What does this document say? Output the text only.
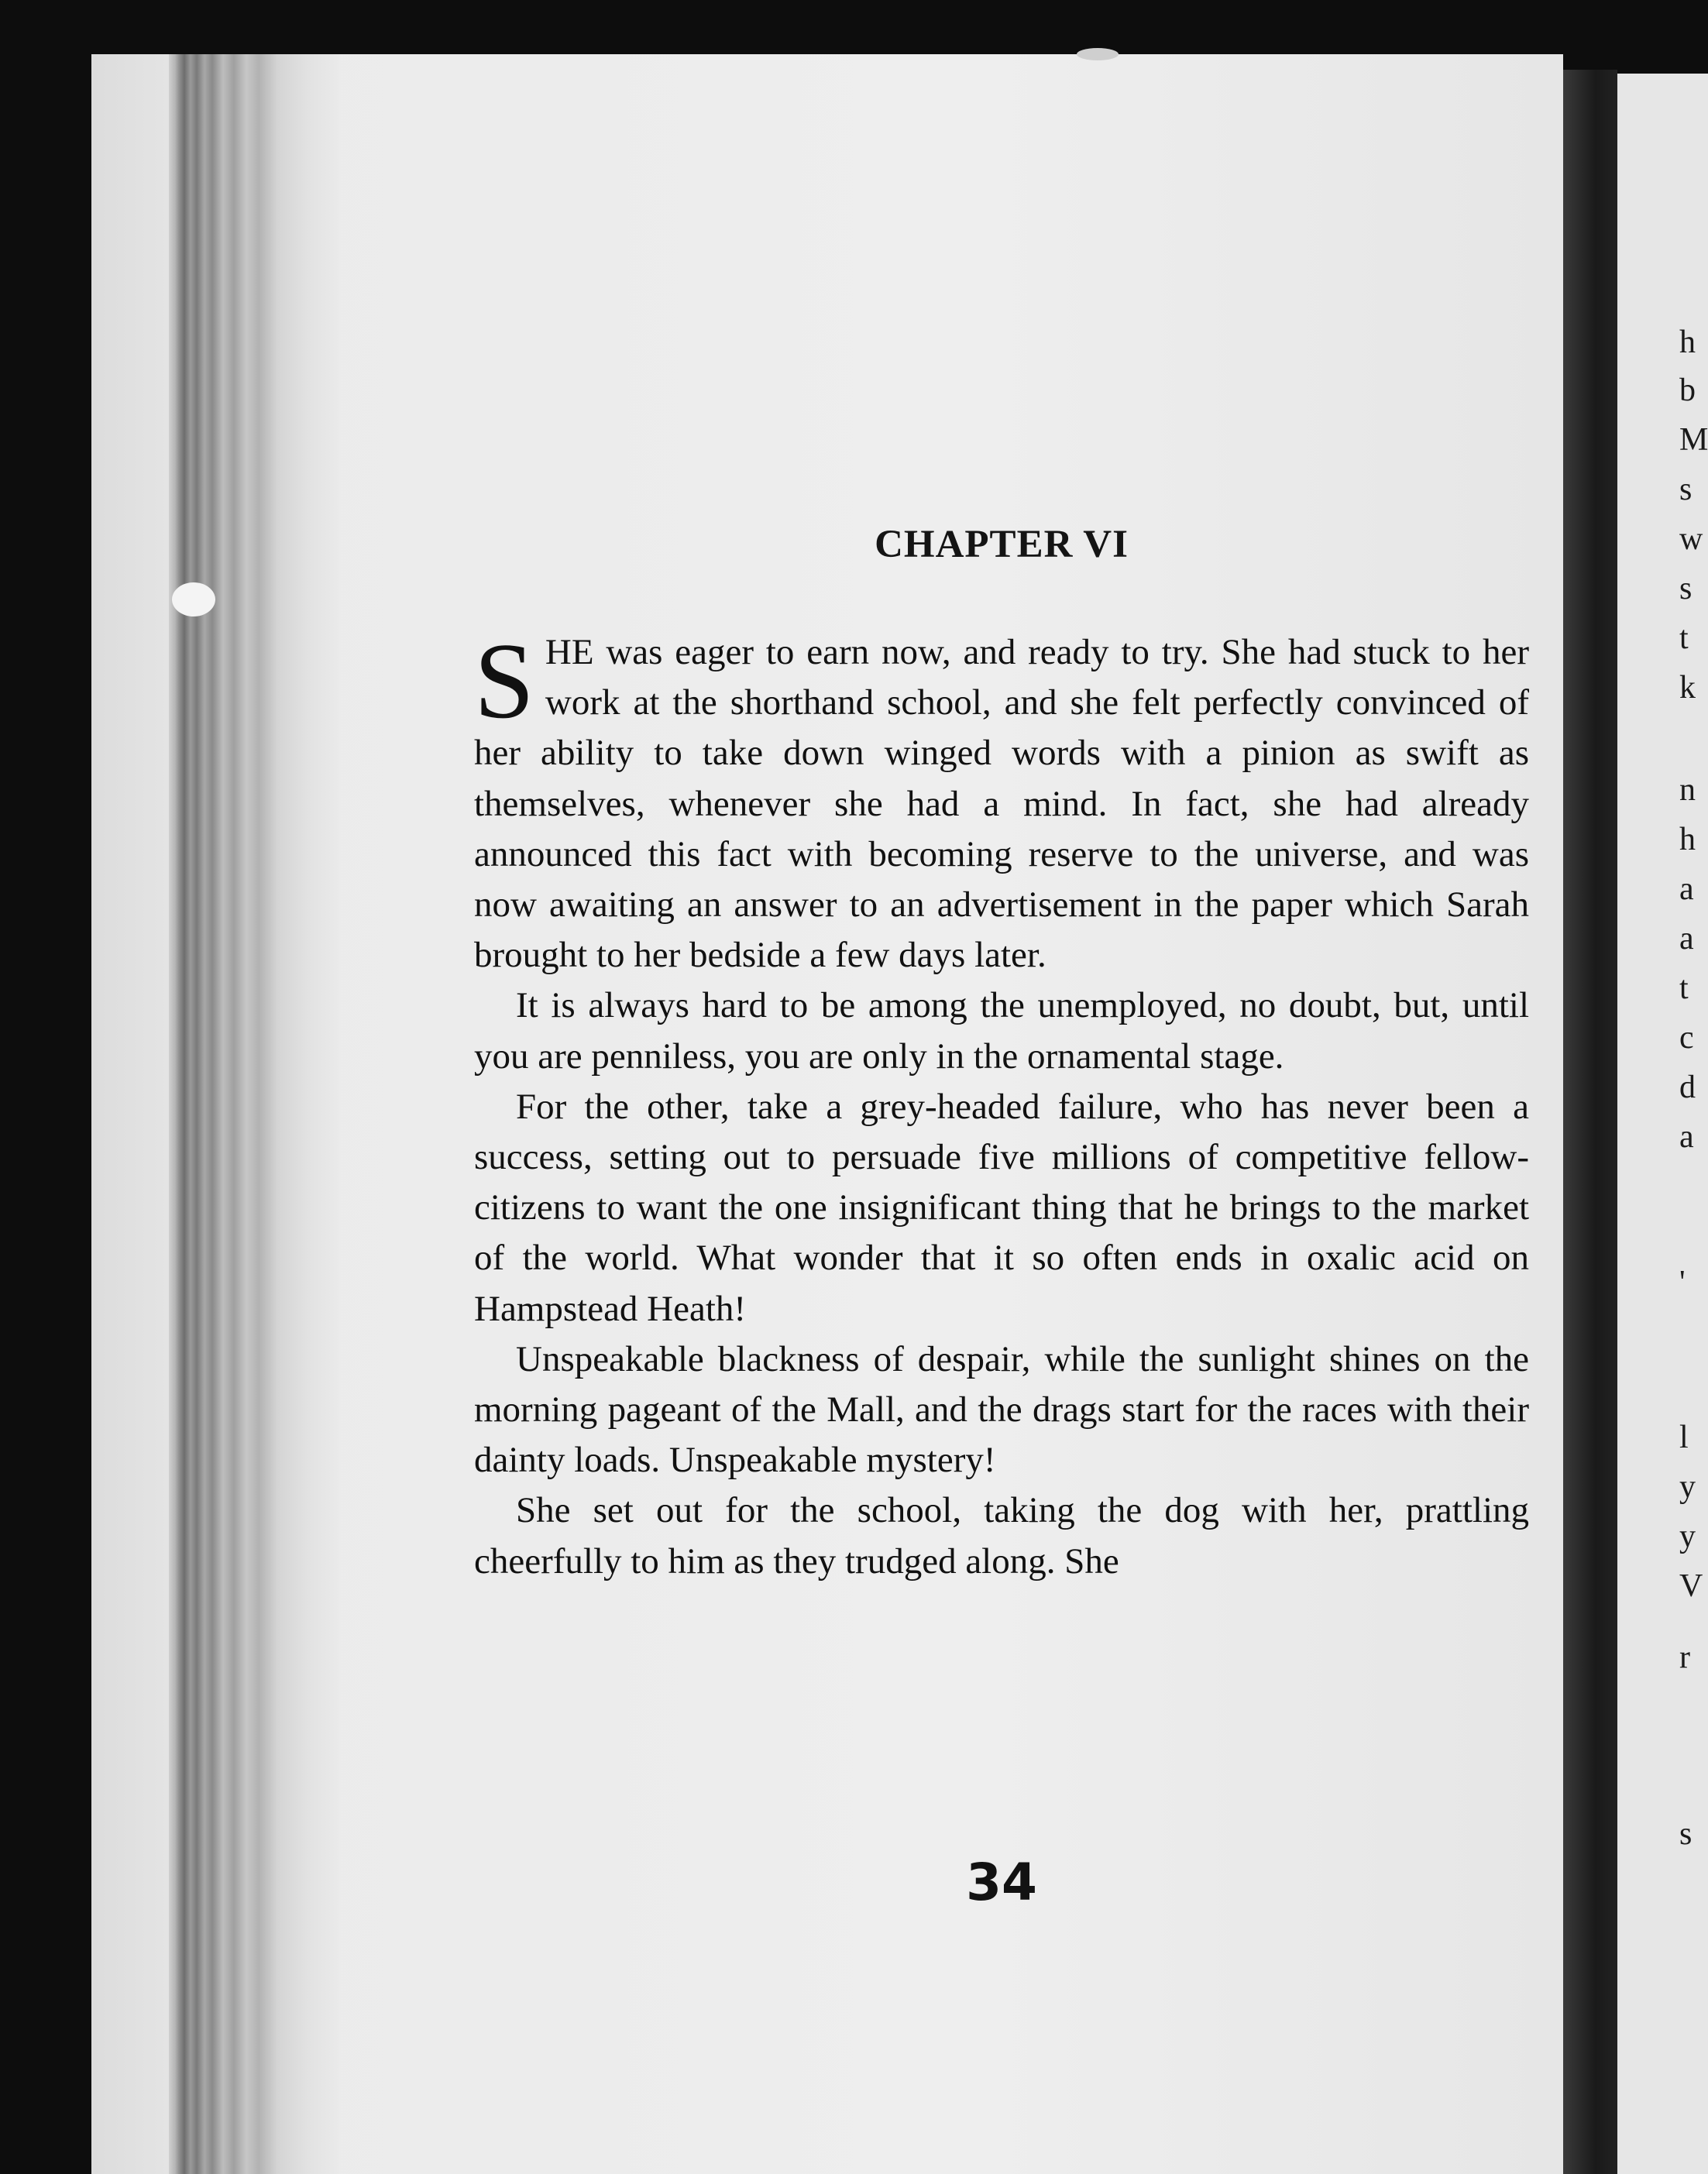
h
b
M
s
w
s
t
k
n
h
a
a
t
c
d
a
'
l
y
y
V
r
s
CHAPTER VI

SHE was eager to earn now, and ready to try. She had stuck to her work at the shorthand school, and she felt perfectly convinced of her ability to take down winged words with a pinion as swift as themselves, whenever she had a mind. In fact, she had already announced this fact with becoming reserve to the universe, and was now awaiting an answer to an advertisement in the paper which Sarah brought to her bedside a few days later.

It is always hard to be among the unemployed, no doubt, but, until you are penniless, you are only in the ornamental stage.

For the other, take a grey-headed failure, who has never been a success, setting out to persuade five millions of competitive fellow-citizens to want the one insignificant thing that he brings to the market of the world. What wonder that it so often ends in oxalic acid on Hampstead Heath!

Unspeakable blackness of despair, while the sunlight shines on the morning pageant of the Mall, and the drags start for the races with their dainty loads. Unspeakable mystery!

She set out for the school, taking the dog with her, prattling cheerfully to him as they trudged along. She

34
